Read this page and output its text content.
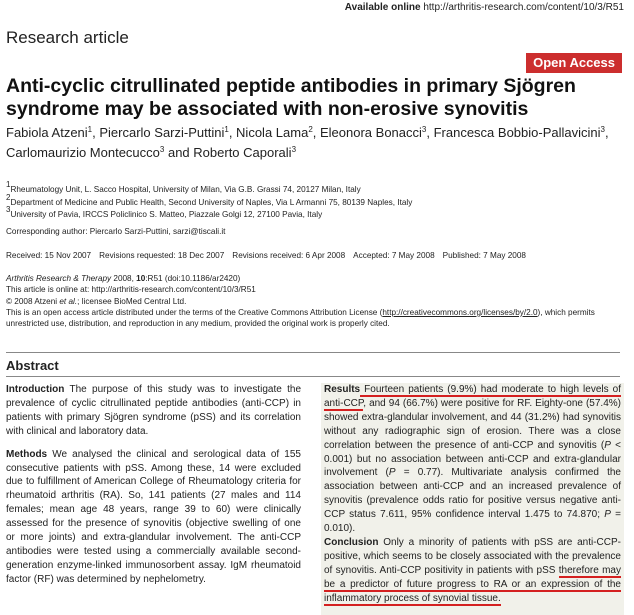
Available online http://arthritis-research.com/content/10/3/R51
Research article
Open Access
Anti-cyclic citrullinated peptide antibodies in primary Sjögren syndrome may be associated with non-erosive synovitis
Fabiola Atzeni$^1$, Piercarlo Sarzi-Puttini$^1$, Nicola Lama$^2$, Eleonora Bonacci$^3$, Francesca Bobbio-Pallavicini$^3$, Carlomaurizio Montecucco$^3$ and Roberto Caporali$^3$
$^1$Rheumatology Unit, L. Sacco Hospital, University of Milan, Via G.B. Grassi 74, 20127 Milan, Italy
$^2$Department of Medicine and Public Health, Second University of Naples, Via L Armanni 75, 80139 Naples, Italy
$^3$University of Pavia, IRCCS Policlinico S. Matteo, Piazzale Golgi 12, 27100 Pavia, Italy
Corresponding author: Piercarlo Sarzi-Puttini, sarzi@tiscali.it
Received: 15 Nov 2007 Revisions requested: 18 Dec 2007 Revisions received: 6 Apr 2008 Accepted: 7 May 2008 Published: 7 May 2008
Arthritis Research & Therapy 2008, 10:R51 (doi:10.1186/ar2420)
This article is online at: http://arthritis-research.com/content/10/3/R51
© 2008 Atzeni et al.; licensee BioMed Central Ltd.
This is an open access article distributed under the terms of the Creative Commons Attribution License (http://creativecommons.org/licenses/by/2.0), which permits unrestricted use, distribution, and reproduction in any medium, provided the original work is properly cited.
Abstract

Introduction The purpose of this study was to investigate the prevalence of cyclic citrullinated peptide antibodies (anti-CCP) in patients with primary Sjögren syndrome (pSS) and its correlation with clinical and laboratory data.

Methods We analysed the clinical and serological data of 155 consecutive patients with pSS. Among these, 14 were excluded due to fulfillment of American College of Rheumatology criteria for rheumatoid arthritis (RA). So, 141 patients (27 males and 114 females; mean age 48 years, range 39 to 60) were clinically assessed for the presence of synovitis (objective swelling of one or more joints) and extra-glandular involvement. The anti-CCP antibodies were tested using a commercially available second-generation enzyme-linked immunosorbent assay. IgM rheumatoid factor (RF) was determined by nephelometry.

Results Fourteen patients (9.9%) had moderate to high levels of anti-CCP, and 94 (66.7%) were positive for RF. Eighty-one (57.4%) showed extra-glandular involvement, and 44 (31.2%) had synovitis without any radiographic sign of erosion. There was a close correlation between the presence of anti-CCP and synovitis (P < 0.001) but no association between anti-CCP and extra-glandular involvement (P = 0.77). Multivariate analysis confirmed the association between anti-CCP and an increased prevalence of synovitis (prevalence odds ratio for positive versus negative anti-CCP status 7.611, 95% confidence interval 1.475 to 74.870; P = 0.010).

Conclusion Only a minority of patients with pSS are anti-CCP-positive, which seems to be closely associated with the prevalence of synovitis. Anti-CCP positivity in patients with pSS therefore may be a predictor of future progress to RA or an expression of the inflammatory process of synovial tissue.
